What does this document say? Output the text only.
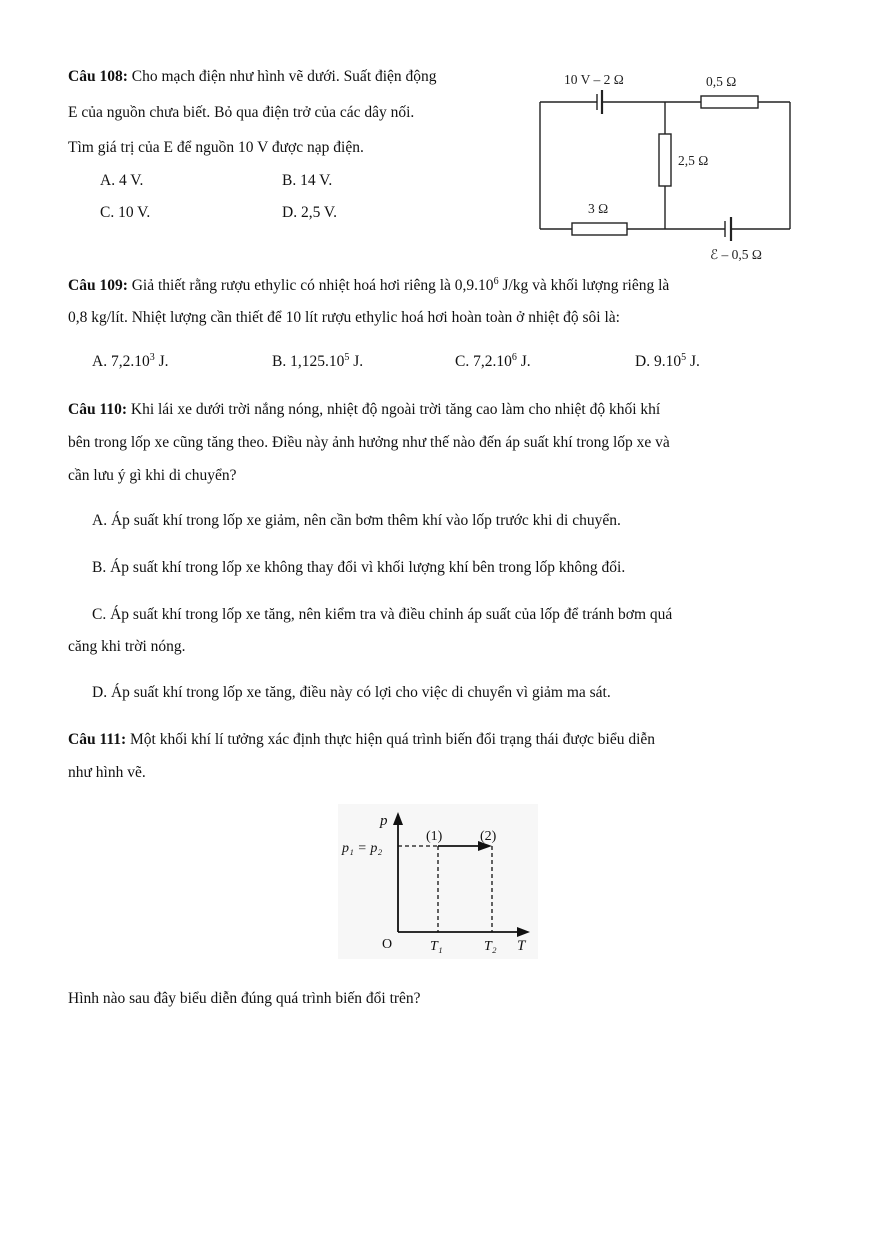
Câu 108: Cho mạch điện như hình vẽ dưới. Suất điện động
E của nguồn chưa biết. Bỏ qua điện trở của các dây nối.
Tìm giá trị của E để nguồn 10 V được nạp điện.
A. 4 V.	B. 14 V.
C. 10 V.	D. 2,5 V.
10 V – 2 Ω	0,5 Ω
2,5 Ω
3 Ω
ℰ – 0,5 Ω
Câu 109: Giả thiết rằng rượu ethylic có nhiệt hoá hơi riêng là 0,9.10$^6$ J/kg và khối lượng riêng là
0,8 kg/lít. Nhiệt lượng cần thiết để 10 lít rượu ethylic hoá hơi hoàn toàn ở nhiệt độ sôi là:
A. 7,2.10$^3$ J.	B. 1,125.10$^5$ J.	C. 7,2.10$^6$ J.	D. 9.10$^5$ J.
Câu 110: Khi lái xe dưới trời nắng nóng, nhiệt độ ngoài trời tăng cao làm cho nhiệt độ khối khí
bên trong lốp xe cũng tăng theo. Điều này ảnh hưởng như thế nào đến áp suất khí trong lốp xe và
cần lưu ý gì khi di chuyển?
A. Áp suất khí trong lốp xe giảm, nên cần bơm thêm khí vào lốp trước khi di chuyển.
B. Áp suất khí trong lốp xe không thay đổi vì khối lượng khí bên trong lốp không đổi.
C. Áp suất khí trong lốp xe tăng, nên kiểm tra và điều chỉnh áp suất của lốp để tránh bơm quá
căng khi trời nóng.
D. Áp suất khí trong lốp xe tăng, điều này có lợi cho việc di chuyển vì giảm ma sát.
Câu 111: Một khối khí lí tưởng xác định thực hiện quá trình biến đổi trạng thái được biểu diễn
như hình vẽ.
p
p₁ = p₂
(1)	(2)
O	T₁	T₂ T
Hình nào sau đây biểu diễn đúng quá trình biến đổi trên?
